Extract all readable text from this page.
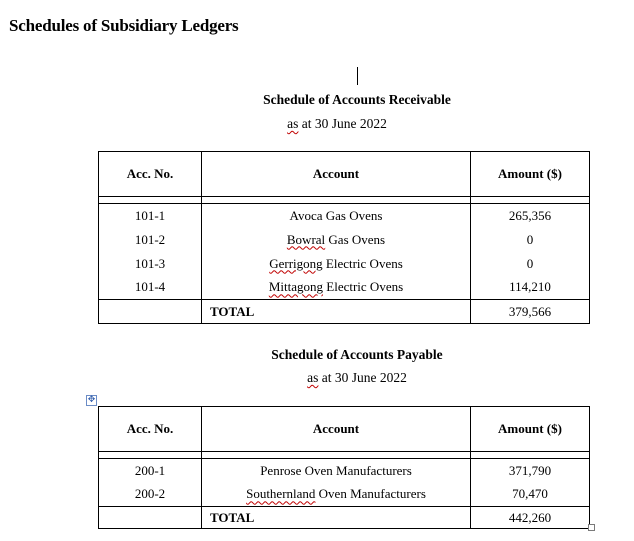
Schedules of Subsidiary Ledgers
Schedule of Accounts Receivable
as at 30 June 2022
Acc. No.	Account	Amount ($)

101-1	Avoca Gas Ovens	265,356
101-2	Bowral Gas Ovens	0
101-3	Gerrigong Electric Ovens	0
101-4	Mittagong Electric Ovens	114,210
	TOTAL	379,566
Schedule of Accounts Payable
as at 30 June 2022
✥
Acc. No.	Account	Amount ($)

200-1	Penrose Oven Manufacturers	371,790
200-2	Southernland Oven Manufacturers	70,470
	TOTAL	442,260
